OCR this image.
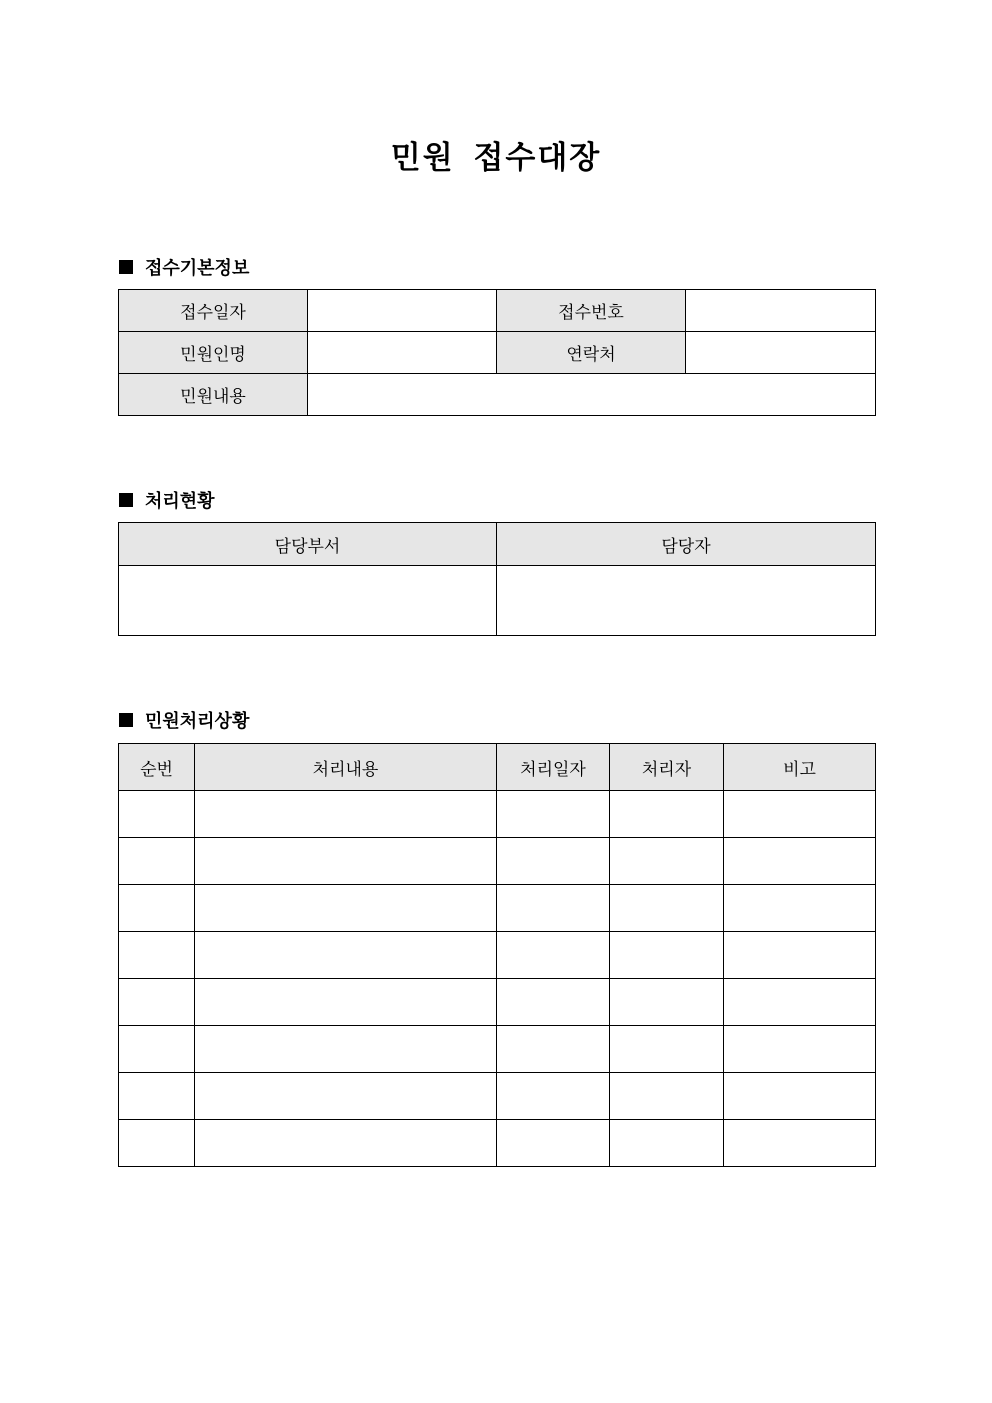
민원 접수대장
접수기본정보
접수일자		접수번호	
민원인명		연락처	
민원내용			
처리현황
담당부서	담당자

민원처리상황
순번	처리내용	처리일자	처리자	비고
